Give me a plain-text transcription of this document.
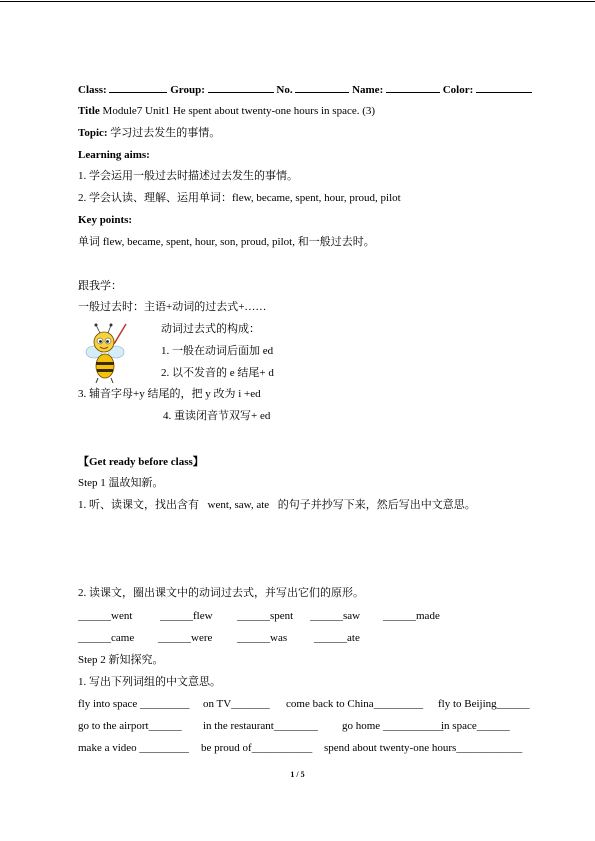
Class:	Group:	No.	Name:	Color:
Title Module7 Unit1 He spent about twenty-one hours in space. (3)
Topic: 学习过去发生的事情。
Learning aims:
1. 学会运用一般过去时描述过去发生的事情。
2. 学会认读、理解、运用单词：flew, became, spent, hour, proud, pilot
Key points:
单词 flew, became, spent, hour, son, proud, pilot, 和一般过去时。
跟我学：
一般过去时：主语+动词的过去式+……
动词过去式的构成：
1. 一般在动词后面加 ed
2. 以不发音的 e 结尾+ d
3. 辅音字母+y 结尾的，把 y 改为 i +ed
4. 重读闭音节双写+ ed
【Get ready before class】
Step 1 温故知新。
1. 听、读课文，找出含有 went, saw, ate 的句子并抄写下来，然后写出中文意思。
2. 读课文，圈出课文中的动词过去式，并写出它们的原形。
______went	______flew ______spent ______saw ______made
______came ______were ______was ______ate
Step 2 新知探究。
1. 写出下列词组的中文意思。
fly into space _________ on TV_______ come back to China_________ fly to Beijing______
go to the airport______ in the restaurant________ go home ___________
in space______
make a video _________ be proud of___________ spend about twenty-one hours____________
1 / 5
